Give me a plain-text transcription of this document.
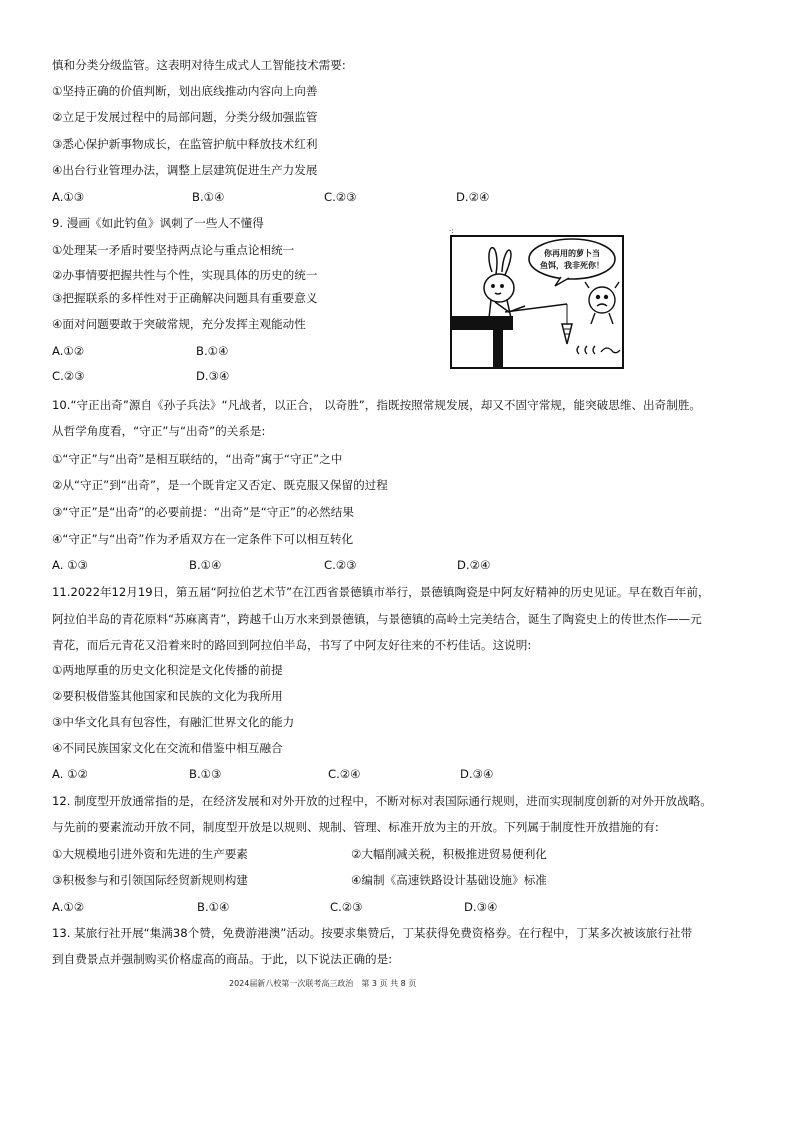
慎和分类分级监管。这表明对待生成式人工智能技术需要:
①坚持正确的价值判断，划出底线推动内容向上向善
②立足于发展过程中的局部问题，分类分级加强监管
③悉心保护新事物成长，在监管护航中释放技术红利
④出台行业管理办法，调整上层建筑促进生产力发展
A.①③	B.①④	C.②③	D.②④
9. 漫画《如此钓鱼》讽刺了一些人不懂得
①处理某一矛盾时要坚持两点论与重点论相统一
②办事情要把握共性与个性，实现具体的历史的统一
③把握联系的多样性对于正确解决问题具有重要意义
④面对问题要敢于突破常规，充分发挥主观能动性
A.①②	B.①④
C.②③	D.③④
·:
你再用的萝卜当
鱼饵，我非死你！
10.“守正出奇”源自《孙子兵法》“凡战者，以正合， 以奇胜”，指既按照常规发展，却又不固守常规，能突破思维、出奇制胜。
从哲学角度看，“守正”与“出奇”的关系是:
①“守正”与“出奇”是相互联结的，“出奇”寓于“守正”之中
②从“守正”到“出奇”，是一个既肯定又否定、既克服又保留的过程
③“守正”是“出奇”的必要前提：“出奇”是“守正”的必然结果
④“守正”与“出奇”作为矛盾双方在一定条件下可以相互转化
A. ①③	B.①④	C.②③	D.②④
11.2022年12月19日，第五届“阿拉伯艺术节”在江西省景德镇市举行，景德镇陶瓷是中阿友好精神的历史见证。早在数百年前，
阿拉伯半岛的青花原料“苏麻离青”，跨越千山万水来到景德镇，与景德镇的高岭土完美结合，诞生了陶瓷史上的传世杰作——元
青花，而后元青花又沿着来时的路回到阿拉伯半岛，书写了中阿友好往来的不朽佳话。这说明:
①两地厚重的历史文化积淀是文化传播的前提
②要积极借鉴其他国家和民族的文化为我所用
③中华文化具有包容性，有融汇世界文化的能力
④不同民族国家文化在交流和借鉴中相互融合
A. ①②	B.①③	C.②④	D.③④
12. 制度型开放通常指的是，在经济发展和对外开放的过程中，不断对标对表国际通行规则，进而实现制度创新的对外开放战略。
与先前的要素流动开放不同，制度型开放是以规则、规制、管理、标准开放为主的开放。下列属于制度性开放措施的有:
①大规模地引进外资和先进的生产要素	②大幅削减关税，积极推进贸易便利化
③积极参与和引领国际经贸新规则构建	④编制《高速铁路设计基础设施》标准
A.①②	B.①④	C.②③	D.③④
13. 某旅行社开展“集满38个赞，免费游港澳”活动。按要求集赞后，丁某获得免费资格券。在行程中，丁某多次被该旅行社带
到自费景点并强制购买价格虚高的商品。于此，以下说法正确的是:
2024届新八校第一次联考高三政治　第 3 页 共 8 页
